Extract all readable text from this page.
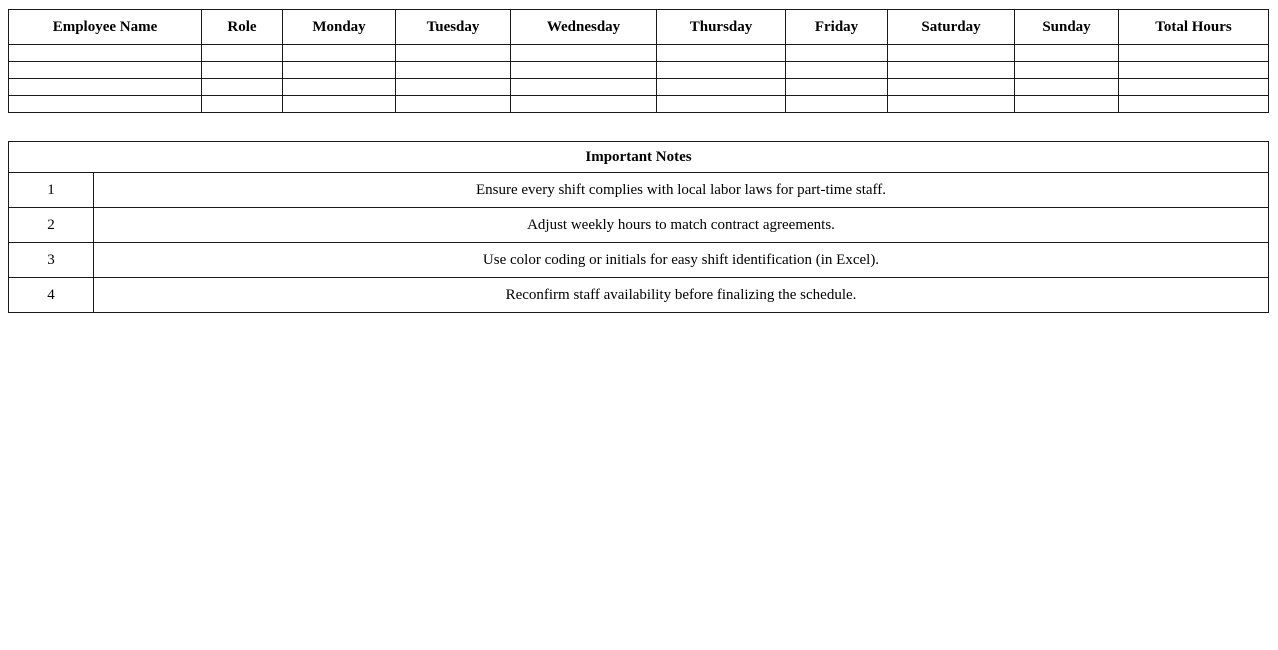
Employee Name	Role	Monday	Tuesday	Wednesday	Thursday	Friday	Saturday	Sunday	Total Hours

Important Notes	
1	Ensure every shift complies with local labor laws for part-time staff.
2	Adjust weekly hours to match contract agreements.
3	Use color coding or initials for easy shift identification (in Excel).
4	Reconfirm staff availability before finalizing the schedule.
